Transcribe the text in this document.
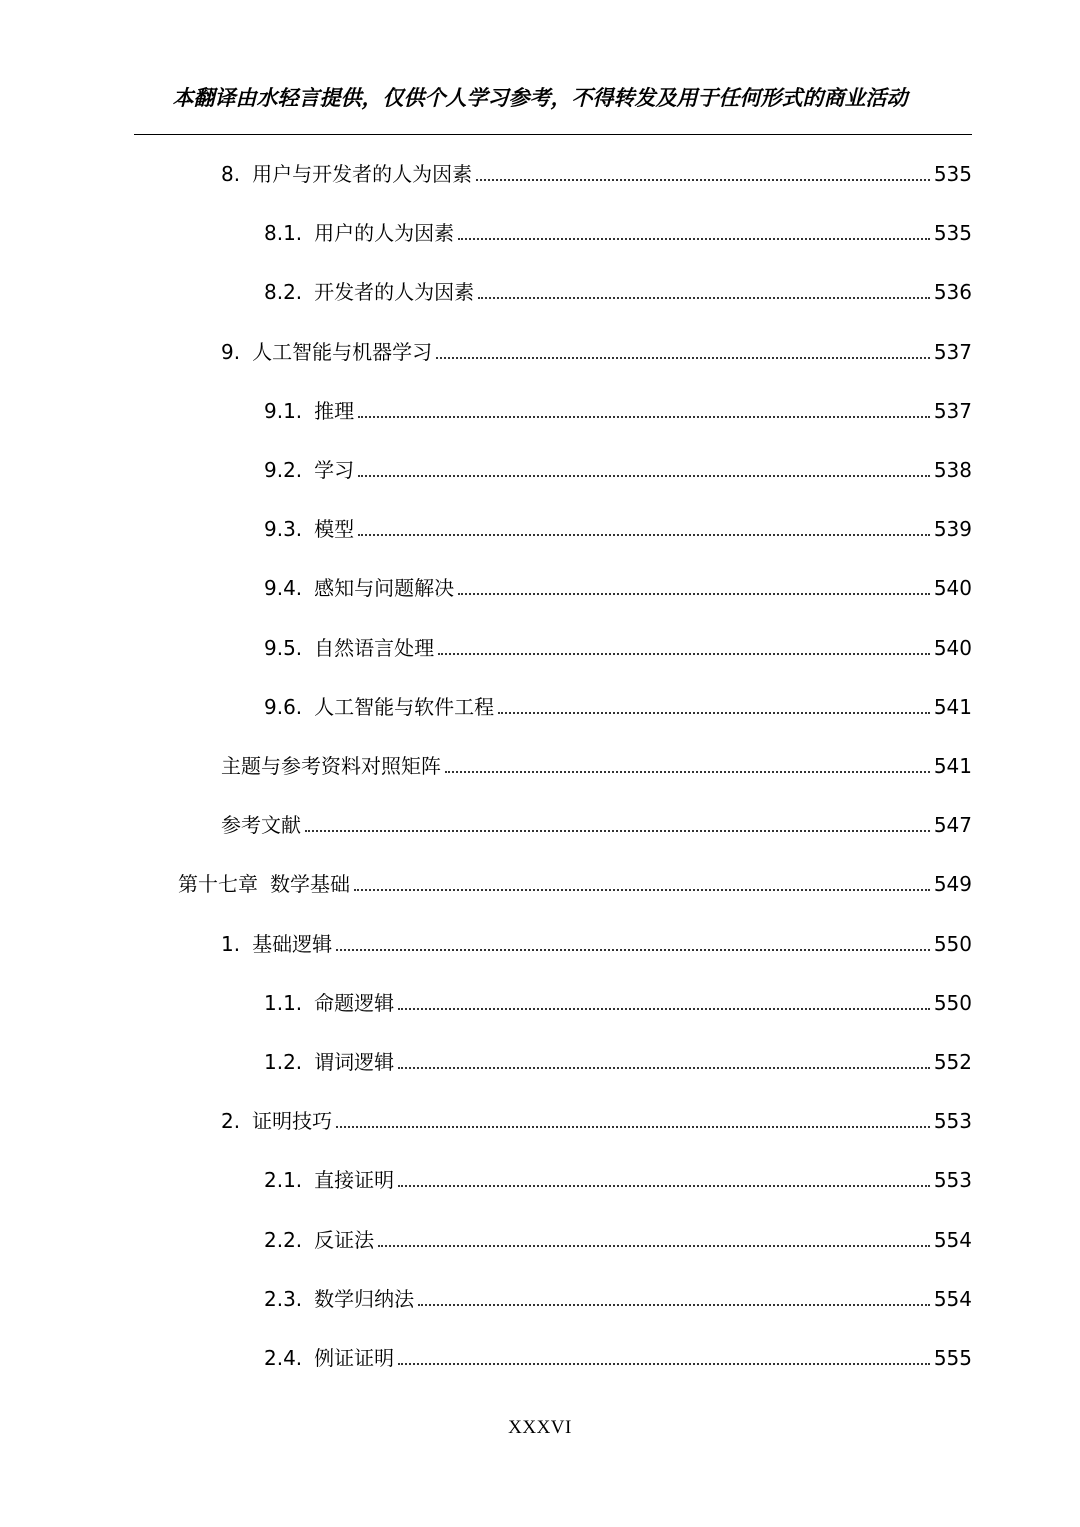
本翻译由水轻言提供，仅供个人学习参考，不得转发及用于任何形式的商业活动
8. 用户与开发者的人为因素	535
8.1. 用户的人为因素	535
8.2. 开发者的人为因素	536
9. 人工智能与机器学习	537
9.1. 推理	537
9.2. 学习	538
9.3. 模型	539
9.4. 感知与问题解决	540
9.5. 自然语言处理	540
9.6. 人工智能与软件工程	541
主题与参考资料对照矩阵	541
参考文献	547
第十七章 数学基础	549
1. 基础逻辑	550
1.1. 命题逻辑	550
1.2. 谓词逻辑	552
2. 证明技巧	553
2.1. 直接证明	553
2.2. 反证法	554
2.3. 数学归纳法	554
2.4. 例证证明	555
XXXVI
